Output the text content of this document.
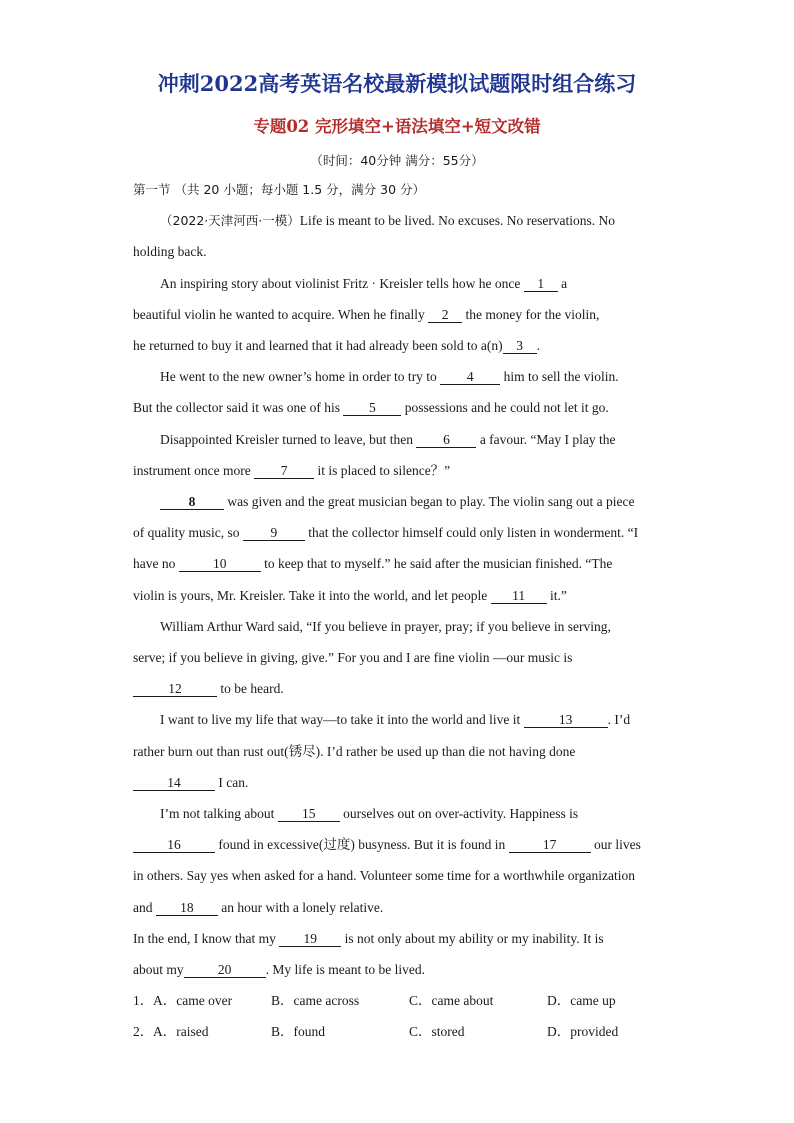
冲刺2022高考英语名校最新模拟试题限时组合练习
专题02 完形填空+语法填空+短文改错
（时间：40分钟 满分：55分）
第一节 （共 20 小题；每小题 1.5 分，满分 30 分）
（2022·天津河西·一模）Life is meant to be lived. No excuses. No reservations. No
holding back.
An inspiring story about violinist Fritz · Kreisler tells how he once 1 a
beautiful violin he wanted to acquire. When he finally 2 the money for the violin,
he returned to buy it and learned that it had already been sold to a(n) 3 .
He went to the new owner’s home in order to try to 4 him to sell the violin.
But the collector said it was one of his 5 possessions and he could not let it go.
Disappointed Kreisler turned to leave, but then 6 a favour. “May I play the
instrument once more 7 it is placed to silence？”
8 was given and the great musician began to play. The violin sang out a piece
of quality music, so 9 that the collector himself could only listen in wonderment. “I
have no	10	to keep that to myself.” he said after the musician finished. “The
violin is yours, Mr. Kreisler. Take it into the world, and let people 11 it.”
William Arthur Ward said, “If you believe in prayer, pray; if you believe in serving,
serve; if you believe in giving, give.” For you and I are fine violin —our music is
12	to be heard.
I want to live my life that way—to take it into the world and live it	13	. I’d
rather burn out than rust out(锈尽). I’d rather be used up than die not having done
14	I can.
I’m not talking about 15 ourselves out on over-activity. Happiness is
16	found in excessive(过度) busyness. But it is found in	17	our lives
in others. Say yes when asked for a hand. Volunteer some time for a worthwhile organization
and 18 an hour with a lonely relative.
In the end, I know that my 19 is not only about my ability or my inability. It is
about my	20	. My life is meant to be lived.
1． A．came over	B．came across	C．came about	D．came up
2． A．raised	B．found	C．stored	D．provided
